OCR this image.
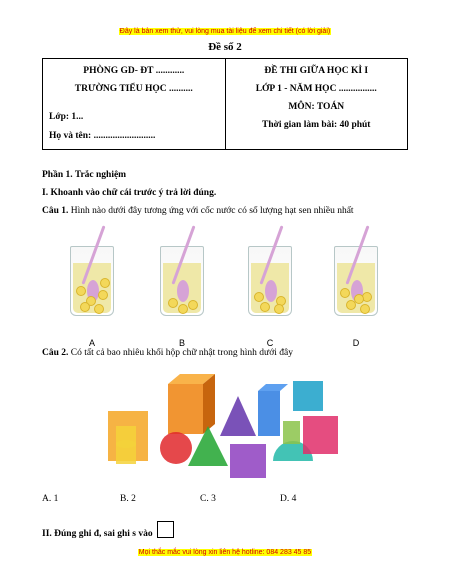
Đây là bản xem thử, vui lòng mua tài liệu để xem chi tiết (có lời giải)
Đề số 2
PHÒNG GD- ĐT ............
TRƯỜNG TIỂU HỌC ..........
Lớp: 1...
Họ và tên: ..........................

ĐỀ THI GIỮA HỌC KÌ I
LỚP 1 - NĂM HỌC ................
MÔN: TOÁN
Thời gian làm bài: 40 phút
Phần 1. Trắc nghiệm
I. Khoanh vào chữ cái trước ý trả lời đúng.
Câu 1. Hình nào dưới đây tương ứng với cốc nước có số lượng hạt sen nhiều nhất
A	B	C	D
Câu 2. Có tất cả bao nhiêu khối hộp chữ nhật trong hình dưới đây
A. 1	B. 2	C. 3	D. 4
II. Đúng ghi đ, sai ghi s vào
Mọi thắc mắc vui lòng xin liên hệ hotline: 084 283 45 85
